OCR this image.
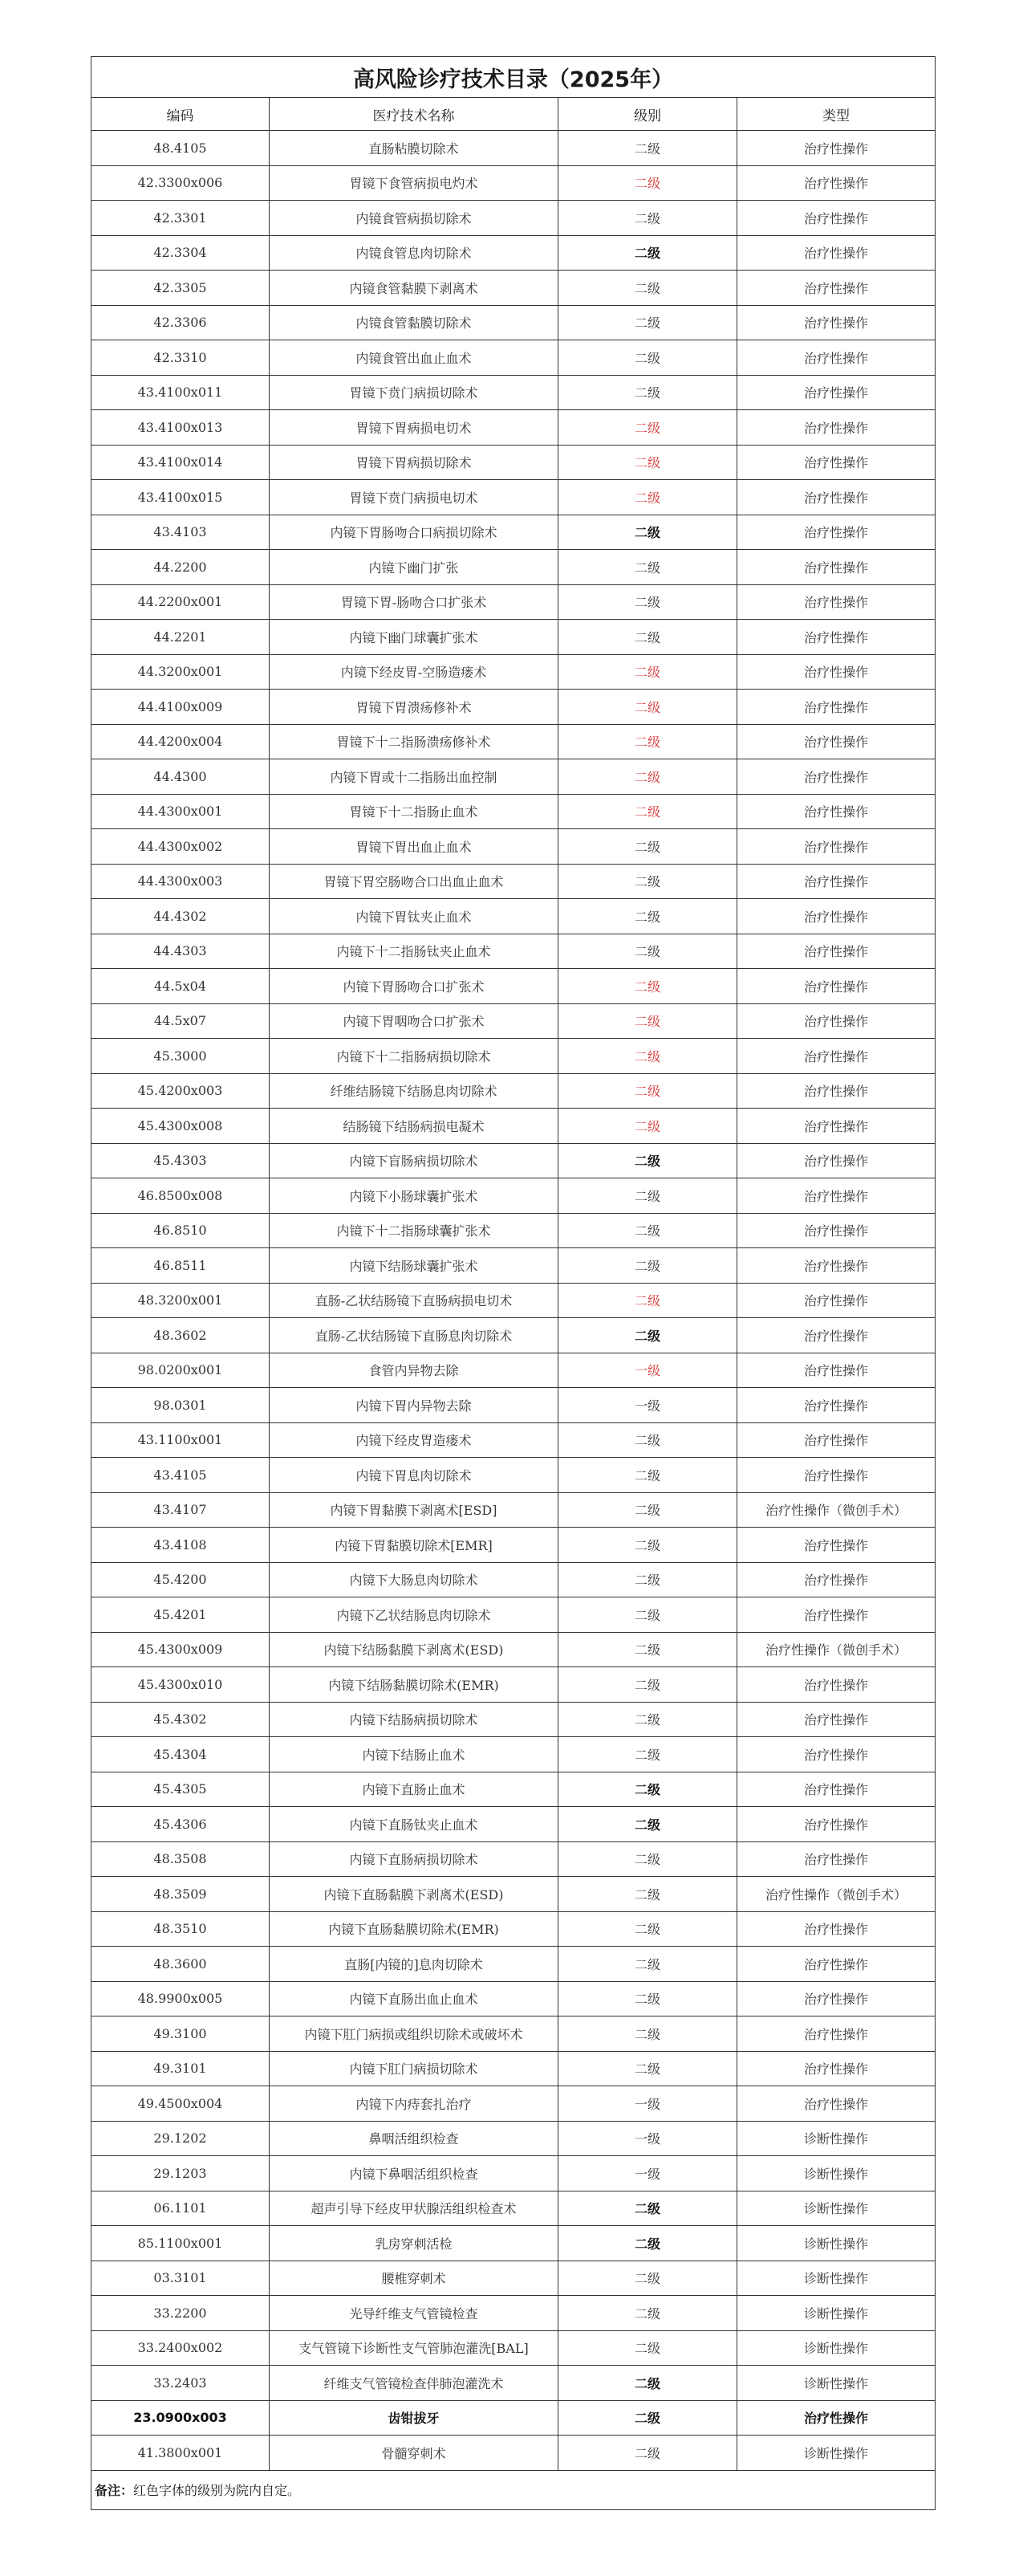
高风险诊疗技术目录（2025年）			
编码	医疗技术名称	级别	类型
48.4105	直肠粘膜切除术	二级	治疗性操作
42.3300x006	胃镜下食管病损电灼术	二级	治疗性操作
42.3301	内镜食管病损切除术	二级	治疗性操作
42.3304	内镜食管息肉切除术	二级	治疗性操作
42.3305	内镜食管黏膜下剥离术	二级	治疗性操作
42.3306	内镜食管黏膜切除术	二级	治疗性操作
42.3310	内镜食管出血止血术	二级	治疗性操作
43.4100x011	胃镜下贲门病损切除术	二级	治疗性操作
43.4100x013	胃镜下胃病损电切术	二级	治疗性操作
43.4100x014	胃镜下胃病损切除术	二级	治疗性操作
43.4100x015	胃镜下贲门病损电切术	二级	治疗性操作
43.4103	内镜下胃肠吻合口病损切除术	二级	治疗性操作
44.2200	内镜下幽门扩张	二级	治疗性操作
44.2200x001	胃镜下胃-肠吻合口扩张术	二级	治疗性操作
44.2201	内镜下幽门球囊扩张术	二级	治疗性操作
44.3200x001	内镜下经皮胃-空肠造瘘术	二级	治疗性操作
44.4100x009	胃镜下胃溃疡修补术	二级	治疗性操作
44.4200x004	胃镜下十二指肠溃疡修补术	二级	治疗性操作
44.4300	内镜下胃或十二指肠出血控制	二级	治疗性操作
44.4300x001	胃镜下十二指肠止血术	二级	治疗性操作
44.4300x002	胃镜下胃出血止血术	二级	治疗性操作
44.4300x003	胃镜下胃空肠吻合口出血止血术	二级	治疗性操作
44.4302	内镜下胃钛夹止血术	二级	治疗性操作
44.4303	内镜下十二指肠钛夹止血术	二级	治疗性操作
44.5x04	内镜下胃肠吻合口扩张术	二级	治疗性操作
44.5x07	内镜下胃咽吻合口扩张术	二级	治疗性操作
45.3000	内镜下十二指肠病损切除术	二级	治疗性操作
45.4200x003	纤维结肠镜下结肠息肉切除术	二级	治疗性操作
45.4300x008	结肠镜下结肠病损电凝术	二级	治疗性操作
45.4303	内镜下盲肠病损切除术	二级	治疗性操作
46.8500x008	内镜下小肠球囊扩张术	二级	治疗性操作
46.8510	内镜下十二指肠球囊扩张术	二级	治疗性操作
46.8511	内镜下结肠球囊扩张术	二级	治疗性操作
48.3200x001	直肠-乙状结肠镜下直肠病损电切术	二级	治疗性操作
48.3602	直肠-乙状结肠镜下直肠息肉切除术	二级	治疗性操作
98.0200x001	食管内异物去除	一级	治疗性操作
98.0301	内镜下胃内异物去除	一级	治疗性操作
43.1100x001	内镜下经皮胃造瘘术	二级	治疗性操作
43.4105	内镜下胃息肉切除术	二级	治疗性操作
43.4107	内镜下胃黏膜下剥离术[ESD]	二级	治疗性操作（微创手术）
43.4108	内镜下胃黏膜切除术[EMR]	二级	治疗性操作
45.4200	内镜下大肠息肉切除术	二级	治疗性操作
45.4201	内镜下乙状结肠息肉切除术	二级	治疗性操作
45.4300x009	内镜下结肠黏膜下剥离术(ESD)	二级	治疗性操作（微创手术）
45.4300x010	内镜下结肠黏膜切除术(EMR)	二级	治疗性操作
45.4302	内镜下结肠病损切除术	二级	治疗性操作
45.4304	内镜下结肠止血术	二级	治疗性操作
45.4305	内镜下直肠止血术	二级	治疗性操作
45.4306	内镜下直肠钛夹止血术	二级	治疗性操作
48.3508	内镜下直肠病损切除术	二级	治疗性操作
48.3509	内镜下直肠黏膜下剥离术(ESD)	二级	治疗性操作（微创手术）
48.3510	内镜下直肠黏膜切除术(EMR)	二级	治疗性操作
48.3600	直肠[内镜的]息肉切除术	二级	治疗性操作
48.9900x005	内镜下直肠出血止血术	二级	治疗性操作
49.3100	内镜下肛门病损或组织切除术或破坏术	二级	治疗性操作
49.3101	内镜下肛门病损切除术	二级	治疗性操作
49.4500x004	内镜下内痔套扎治疗	一级	治疗性操作
29.1202	鼻咽活组织检查	一级	诊断性操作
29.1203	内镜下鼻咽活组织检查	一级	诊断性操作
06.1101	超声引导下经皮甲状腺活组织检查术	二级	诊断性操作
85.1100x001	乳房穿刺活检	二级	诊断性操作
03.3101	腰椎穿刺术	二级	诊断性操作
33.2200	光导纤维支气管镜检查	二级	诊断性操作
33.2400x002	支气管镜下诊断性支气管肺泡灌洗[BAL]	二级	诊断性操作
33.2403	纤维支气管镜检查伴肺泡灌洗术	二级	诊断性操作
23.0900x003	齿钳拔牙	二级	治疗性操作
41.3800x001	骨髓穿刺术	二级	诊断性操作
备注：红色字体的级别为院内自定。			
